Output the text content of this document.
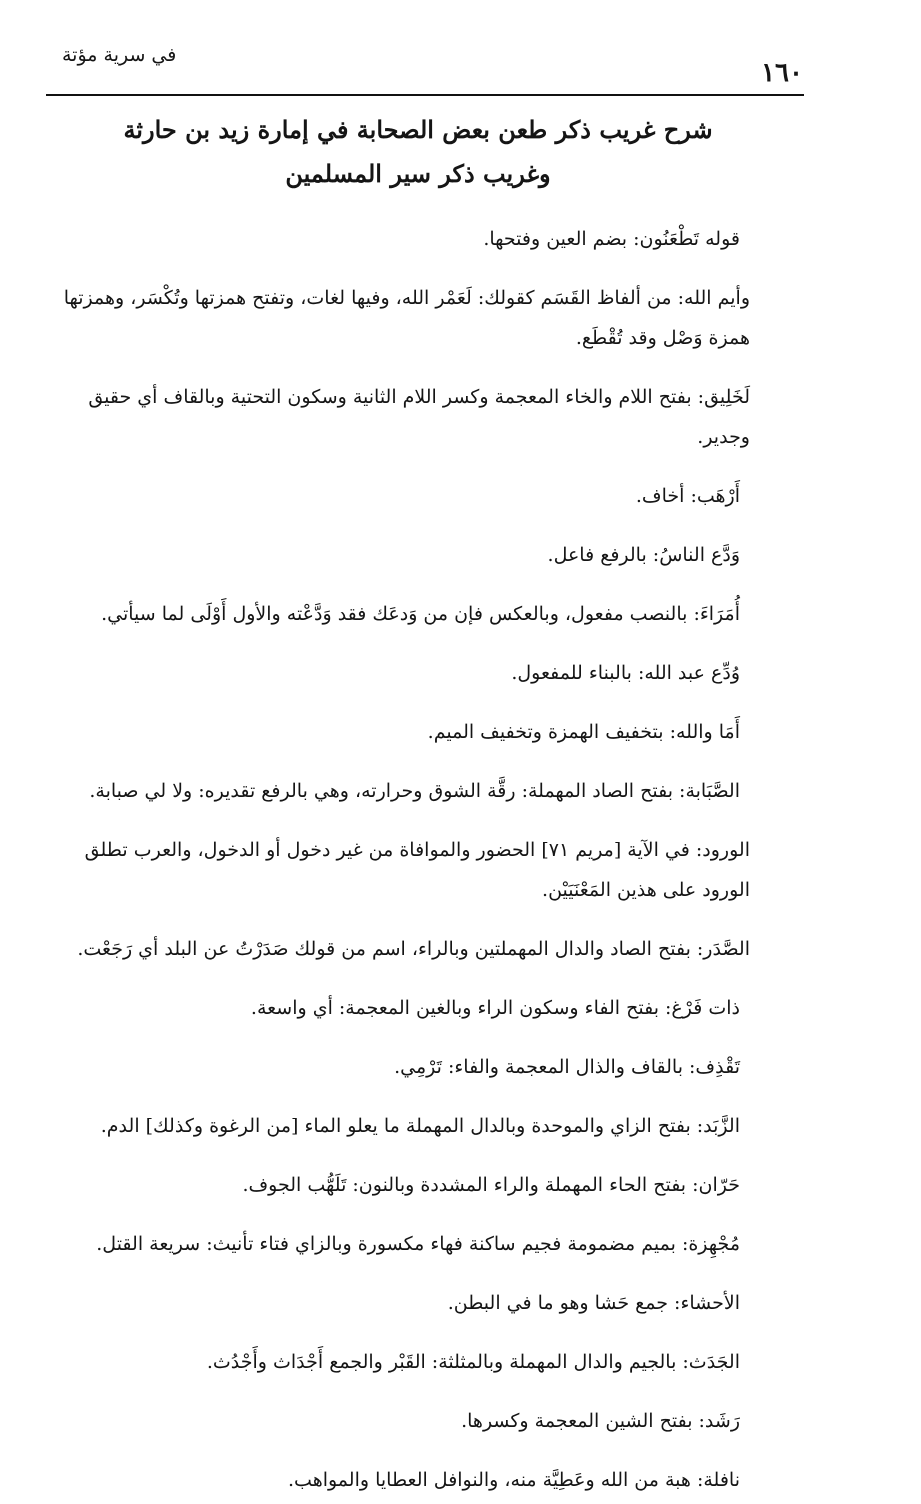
في سرية مؤتة
١٦٠
شرح غريب ذكر طعن بعض الصحابة في إمارة زيد بن حارثة
وغريب ذكر سير المسلمين

قوله تَطْعَنُون: بضم العين وفتحها.

وأيم الله: من ألفاظ القَسَم كقولك: لَعَمْر الله، وفيها لغات، وتفتح همزتها وتُكْسَر، وهمزتها همزة وَصْل وقد تُقْطَع.

لَخَلِيق: بفتح اللام والخاء المعجمة وكسر اللام الثانية وسكون التحتية وبالقاف أي حقيق وجدير.

أَرْهَب: أخاف.

وَدَّع الناسُ: بالرفع فاعل.

أُمَرَاءَ: بالنصب مفعول، وبالعكس فإن من وَدعَك فقد وَدَّعْته والأول أَوْلَى لما سيأتي.

وُدِّع عبد الله: بالبناء للمفعول.

أَمَا والله: بتخفيف الهمزة وتخفيف الميم.

الصَّبَابة: بفتح الصاد المهملة: رقَّة الشوق وحرارته، وهي بالرفع تقديره: ولا لي صبابة.

الورود: في الآية [مريم ٧١] الحضور والموافاة من غير دخول أو الدخول، والعرب تطلق الورود على هذين المَعْنَيَيْن.

الصَّدَر: بفتح الصاد والدال المهملتين وبالراء، اسم من قولك صَدَرْتُ عن البلد أي رَجَعْت.

ذات فَرْغ: بفتح الفاء وسكون الراء وبالغين المعجمة: أي واسعة.

تَقْذِف: بالقاف والذال المعجمة والفاء: تَرْمِي.

الزَّبَد: بفتح الزاي والموحدة وبالدال المهملة ما يعلو الماء [من الرغوة وكذلك] الدم.

حَرّان: بفتح الحاء المهملة والراء المشددة وبالنون: تَلَهُّب الجوف.

مُجْهِزة: بميم مضمومة فجيم ساكنة فهاء مكسورة وبالزاي فتاء تأنيث: سريعة القتل.

الأحشاء: جمع حَشا وهو ما في البطن.

الجَدَث: بالجيم والدال المهملة وبالمثلثة: القَبْر والجمع أَجْدَاث وأَجْدُث.

رَشَد: بفتح الشين المعجمة وكسرها.

نافلة: هبة من الله وعَطِيَّة منه، والنوافل العطايا والمواهب.
